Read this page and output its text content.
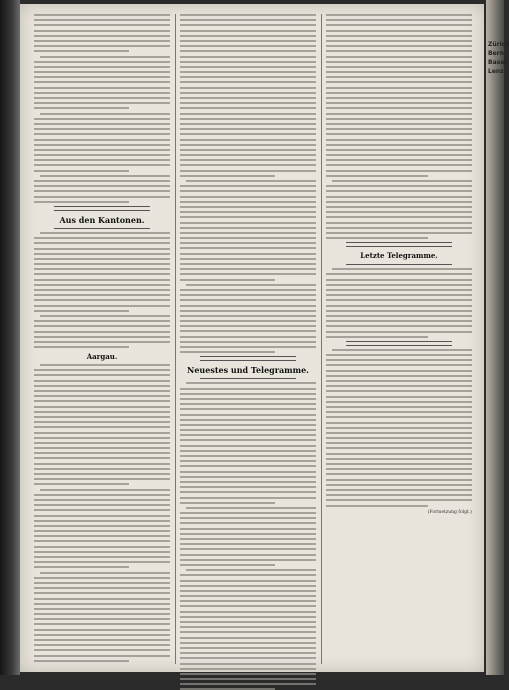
Aus den Kantonen.
Aargau.
Neuestes und Telegramme.
Letzte Telegramme.
(Fortsetzung folgt.)
Zürich Bern Basel Lenz
